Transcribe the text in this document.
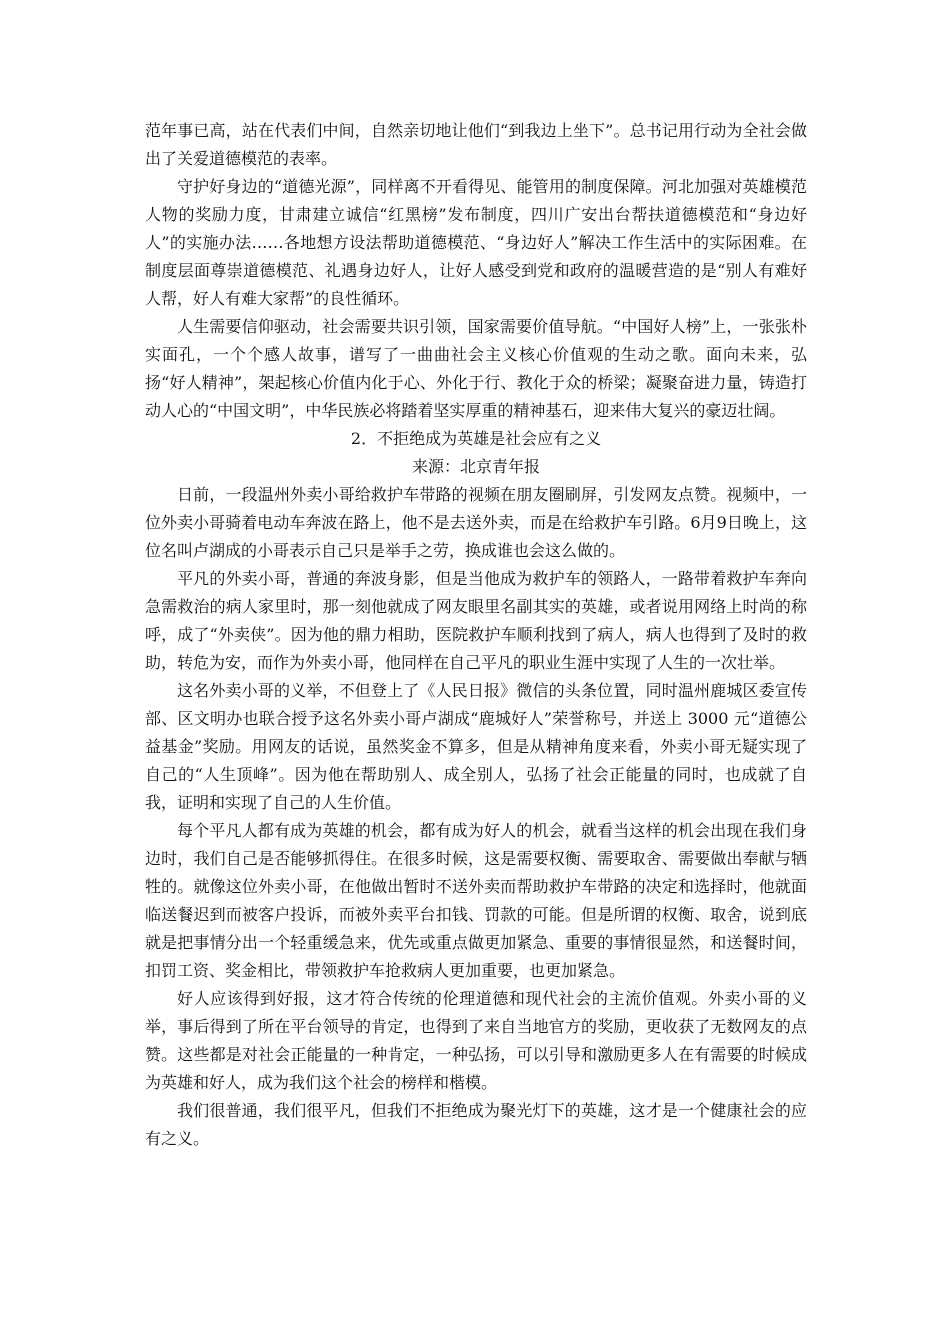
范年事已高，站在代表们中间，自然亲切地让他们“到我边上坐下”。总书记用行动为全社会做出了关爱道德模范的表率。

守护好身边的“道德光源”，同样离不开看得见、能管用的制度保障。河北加强对英雄模范人物的奖励力度，甘肃建立诚信“红黑榜”发布制度，四川广安出台帮扶道德模范和“身边好人”的实施办法……各地想方设法帮助道德模范、“身边好人”解决工作生活中的实际困难。在制度层面尊崇道德模范、礼遇身边好人，让好人感受到党和政府的温暖营造的是“别人有难好人帮，好人有难大家帮”的良性循环。

人生需要信仰驱动，社会需要共识引领，国家需要价值导航。“中国好人榜”上，一张张朴实面孔，一个个感人故事，谱写了一曲曲社会主义核心价值观的生动之歌。面向未来，弘扬“好人精神”，架起核心价值内化于心、外化于行、教化于众的桥梁；凝聚奋进力量，铸造打动人心的“中国文明”，中华民族必将踏着坚实厚重的精神基石，迎来伟大复兴的豪迈壮阔。

2．不拒绝成为英雄是社会应有之义

来源：北京青年报

日前，一段温州外卖小哥给救护车带路的视频在朋友圈刷屏，引发网友点赞。视频中，一位外卖小哥骑着电动车奔波在路上，他不是去送外卖，而是在给救护车引路。6月9日晚上，这位名叫卢湖成的小哥表示自己只是举手之劳，换成谁也会这么做的。

平凡的外卖小哥，普通的奔波身影，但是当他成为救护车的领路人，一路带着救护车奔向急需救治的病人家里时，那一刻他就成了网友眼里名副其实的英雄，或者说用网络上时尚的称呼，成了“外卖侠”。因为他的鼎力相助，医院救护车顺利找到了病人，病人也得到了及时的救助，转危为安，而作为外卖小哥，他同样在自己平凡的职业生涯中实现了人生的一次壮举。

这名外卖小哥的义举，不但登上了《人民日报》微信的头条位置，同时温州鹿城区委宣传部、区文明办也联合授予这名外卖小哥卢湖成“鹿城好人”荣誉称号，并送上 3000 元“道德公益基金”奖励。用网友的话说，虽然奖金不算多，但是从精神角度来看，外卖小哥无疑实现了自己的“人生顶峰”。因为他在帮助别人、成全别人，弘扬了社会正能量的同时，也成就了自我，证明和实现了自己的人生价值。

每个平凡人都有成为英雄的机会，都有成为好人的机会，就看当这样的机会出现在我们身边时，我们自己是否能够抓得住。在很多时候，这是需要权衡、需要取舍、需要做出奉献与牺牲的。就像这位外卖小哥，在他做出暂时不送外卖而帮助救护车带路的决定和选择时，他就面临送餐迟到而被客户投诉，而被外卖平台扣钱、罚款的可能。但是所谓的权衡、取舍，说到底就是把事情分出一个轻重缓急来，优先或重点做更加紧急、重要的事情很显然，和送餐时间，扣罚工资、奖金相比，带领救护车抢救病人更加重要，也更加紧急。

好人应该得到好报，这才符合传统的伦理道德和现代社会的主流价值观。外卖小哥的义举，事后得到了所在平台领导的肯定，也得到了来自当地官方的奖励，更收获了无数网友的点赞。这些都是对社会正能量的一种肯定，一种弘扬，可以引导和激励更多人在有需要的时候成为英雄和好人，成为我们这个社会的榜样和楷模。

我们很普通，我们很平凡，但我们不拒绝成为聚光灯下的英雄，这才是一个健康社会的应有之义。
